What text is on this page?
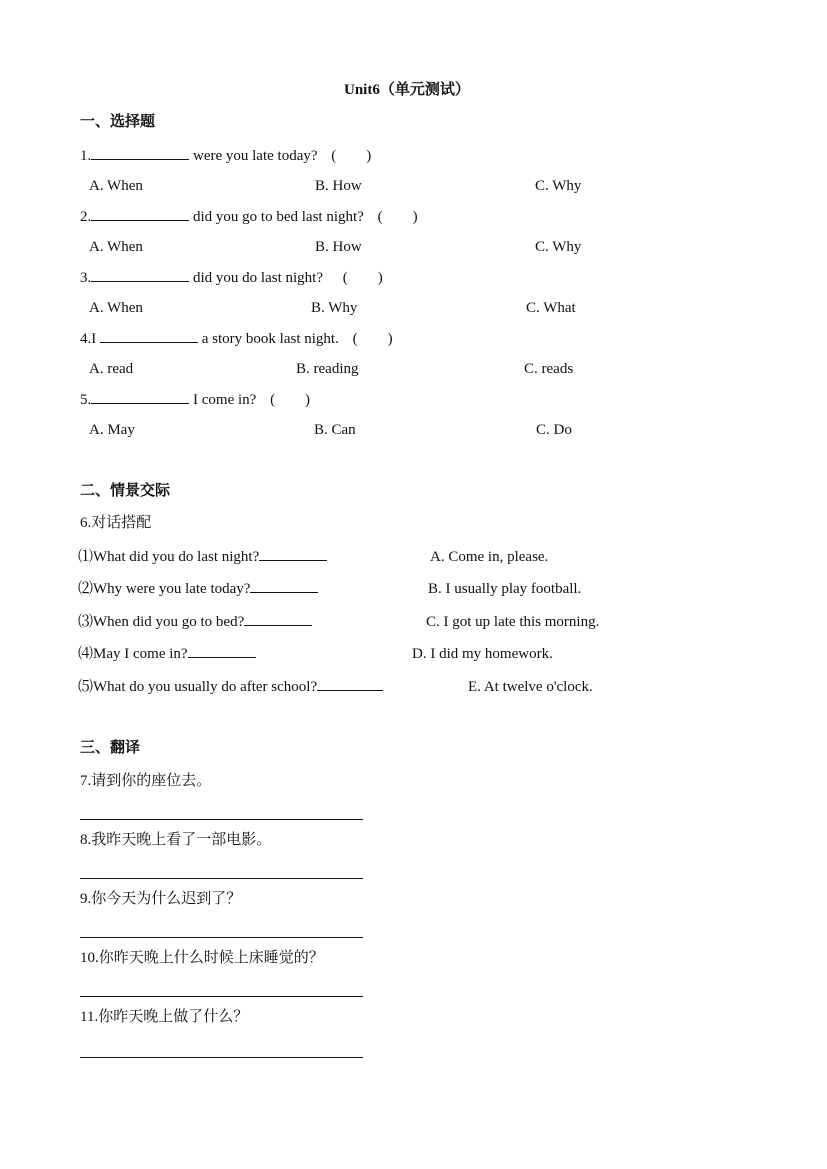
Unit6（单元测试）
一、选择题
1.	were you late today? (　　)
A. When	B. How	C. Why
2.	did you go to bed last night? (　　)
A. When	B. How	C. Why
3.	did you do last night? (　　)
A. When	B. Why	C. What
4.I	a story book last night. (　　)
A. read	B. reading	C. reads
5.	I come in? (　　)
A. May	B. Can	C. Do
二、情景交际
6.对话搭配
⑴What did you do last night?	A. Come in, please.
⑵Why were you late today?	B. I usually play football.
⑶When did you go to bed?	C. I got up late this morning.
⑷May I come in?	D. I did my homework.
⑸What do you usually do after school?	E. At twelve o'clock.
三、翻译
7.请到你的座位去。
8.我昨天晚上看了一部电影。
9.你今天为什么迟到了？
10.你昨天晚上什么时候上床睡觉的？
11.你昨天晚上做了什么？
